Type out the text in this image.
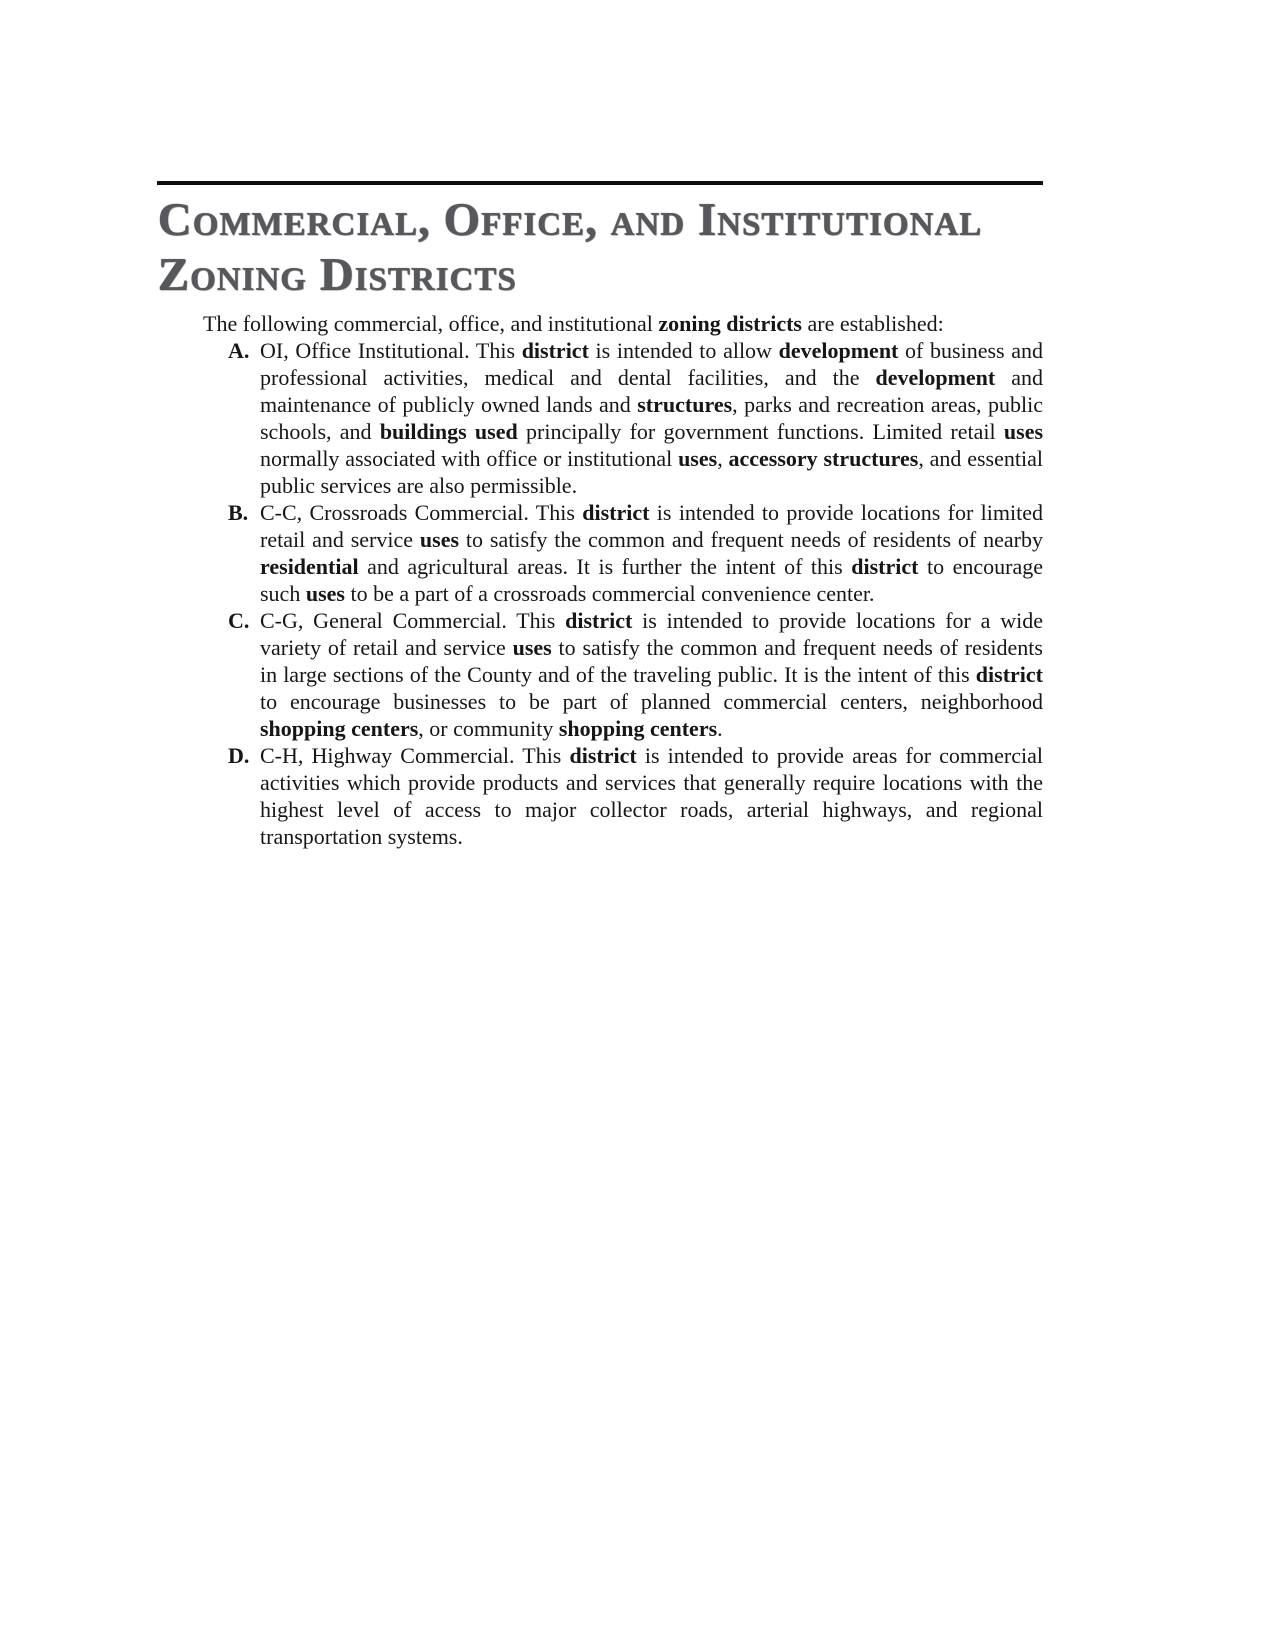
Commercial, Office, and Institutional
Zoning Districts

The following commercial, office, and institutional zoning districts are established:

A. OI, Office Institutional. This district is intended to allow development of business and professional activities, medical and dental facilities, and the development and maintenance of publicly owned lands and structures, parks and recreation areas, public schools, and buildings used principally for government functions. Limited retail uses normally associated with office or institutional uses, accessory structures, and essential public services are also permissible.
B. C-C, Crossroads Commercial. This district is intended to provide locations for limited retail and service uses to satisfy the common and frequent needs of residents of nearby residential and agricultural areas. It is further the intent of this district to encourage such uses to be a part of a crossroads commercial convenience center.
C. C-G, General Commercial. This district is intended to provide locations for a wide variety of retail and service uses to satisfy the common and frequent needs of residents in large sections of the County and of the traveling public. It is the intent of this district to encourage businesses to be part of planned commercial centers, neighborhood shopping centers, or community shopping centers.
D. C-H, Highway Commercial. This district is intended to provide areas for commercial activities which provide products and services that generally require locations with the highest level of access to major collector roads, arterial highways, and regional transportation systems.
